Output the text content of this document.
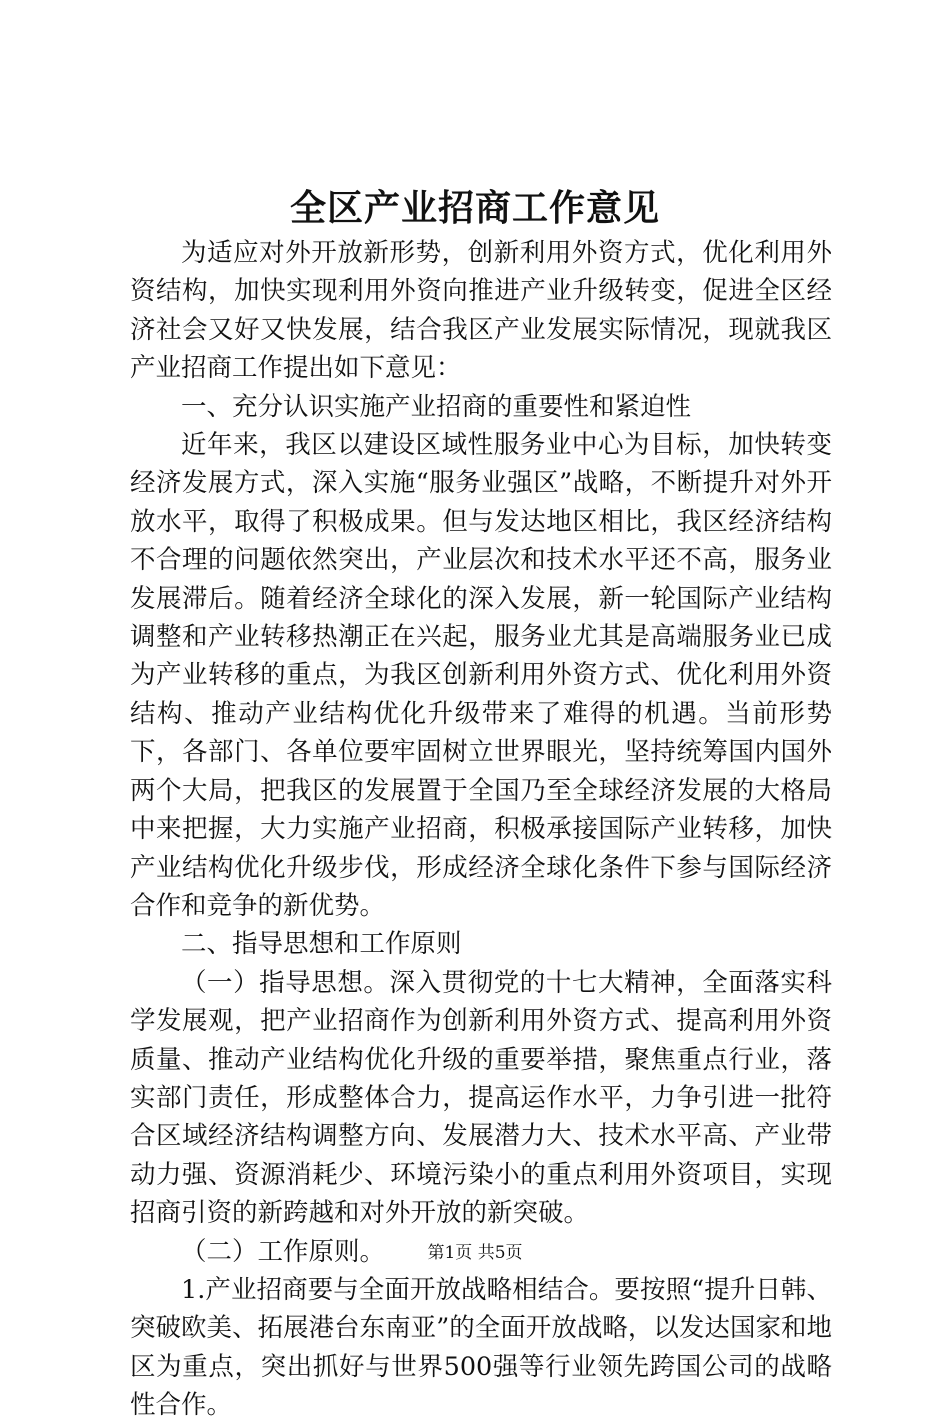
全区产业招商工作意见

为适应对外开放新形势，创新利用外资方式，优化利用外资结构，加快实现利用外资向推进产业升级转变，促进全区经济社会又好又快发展，结合我区产业发展实际情况，现就我区产业招商工作提出如下意见：

一、充分认识实施产业招商的重要性和紧迫性

近年来，我区以建设区域性服务业中心为目标，加快转变经济发展方式，深入实施“服务业强区”战略，不断提升对外开放水平，取得了积极成果。但与发达地区相比，我区经济结构不合理的问题依然突出，产业层次和技术水平还不高，服务业发展滞后。随着经济全球化的深入发展，新一轮国际产业结构调整和产业转移热潮正在兴起，服务业尤其是高端服务业已成为产业转移的重点，为我区创新利用外资方式、优化利用外资结构、推动产业结构优化升级带来了难得的机遇。当前形势下，各部门、各单位要牢固树立世界眼光，坚持统筹国内国外两个大局，把我区的发展置于全国乃至全球经济发展的大格局中来把握，大力实施产业招商，积极承接国际产业转移，加快产业结构优化升级步伐，形成经济全球化条件下参与国际经济合作和竞争的新优势。

二、指导思想和工作原则

（一）指导思想。深入贯彻党的十七大精神，全面落实科学发展观，把产业招商作为创新利用外资方式、提高利用外资质量、推动产业结构优化升级的重要举措，聚焦重点行业，落实部门责任，形成整体合力，提高运作水平，力争引进一批符合区域经济结构调整方向、发展潜力大、技术水平高、产业带动力强、资源消耗少、环境污染小的重点利用外资项目，实现招商引资的新跨越和对外开放的新突破。

（二）工作原则。

1.产业招商要与全面开放战略相结合。要按照“提升日韩、突破欧美、拓展港台东南亚”的全面开放战略，以发达国家和地区为重点，突出抓好与世界500强等行业领先跨国公司的战略性合作。

第1页 共5页
